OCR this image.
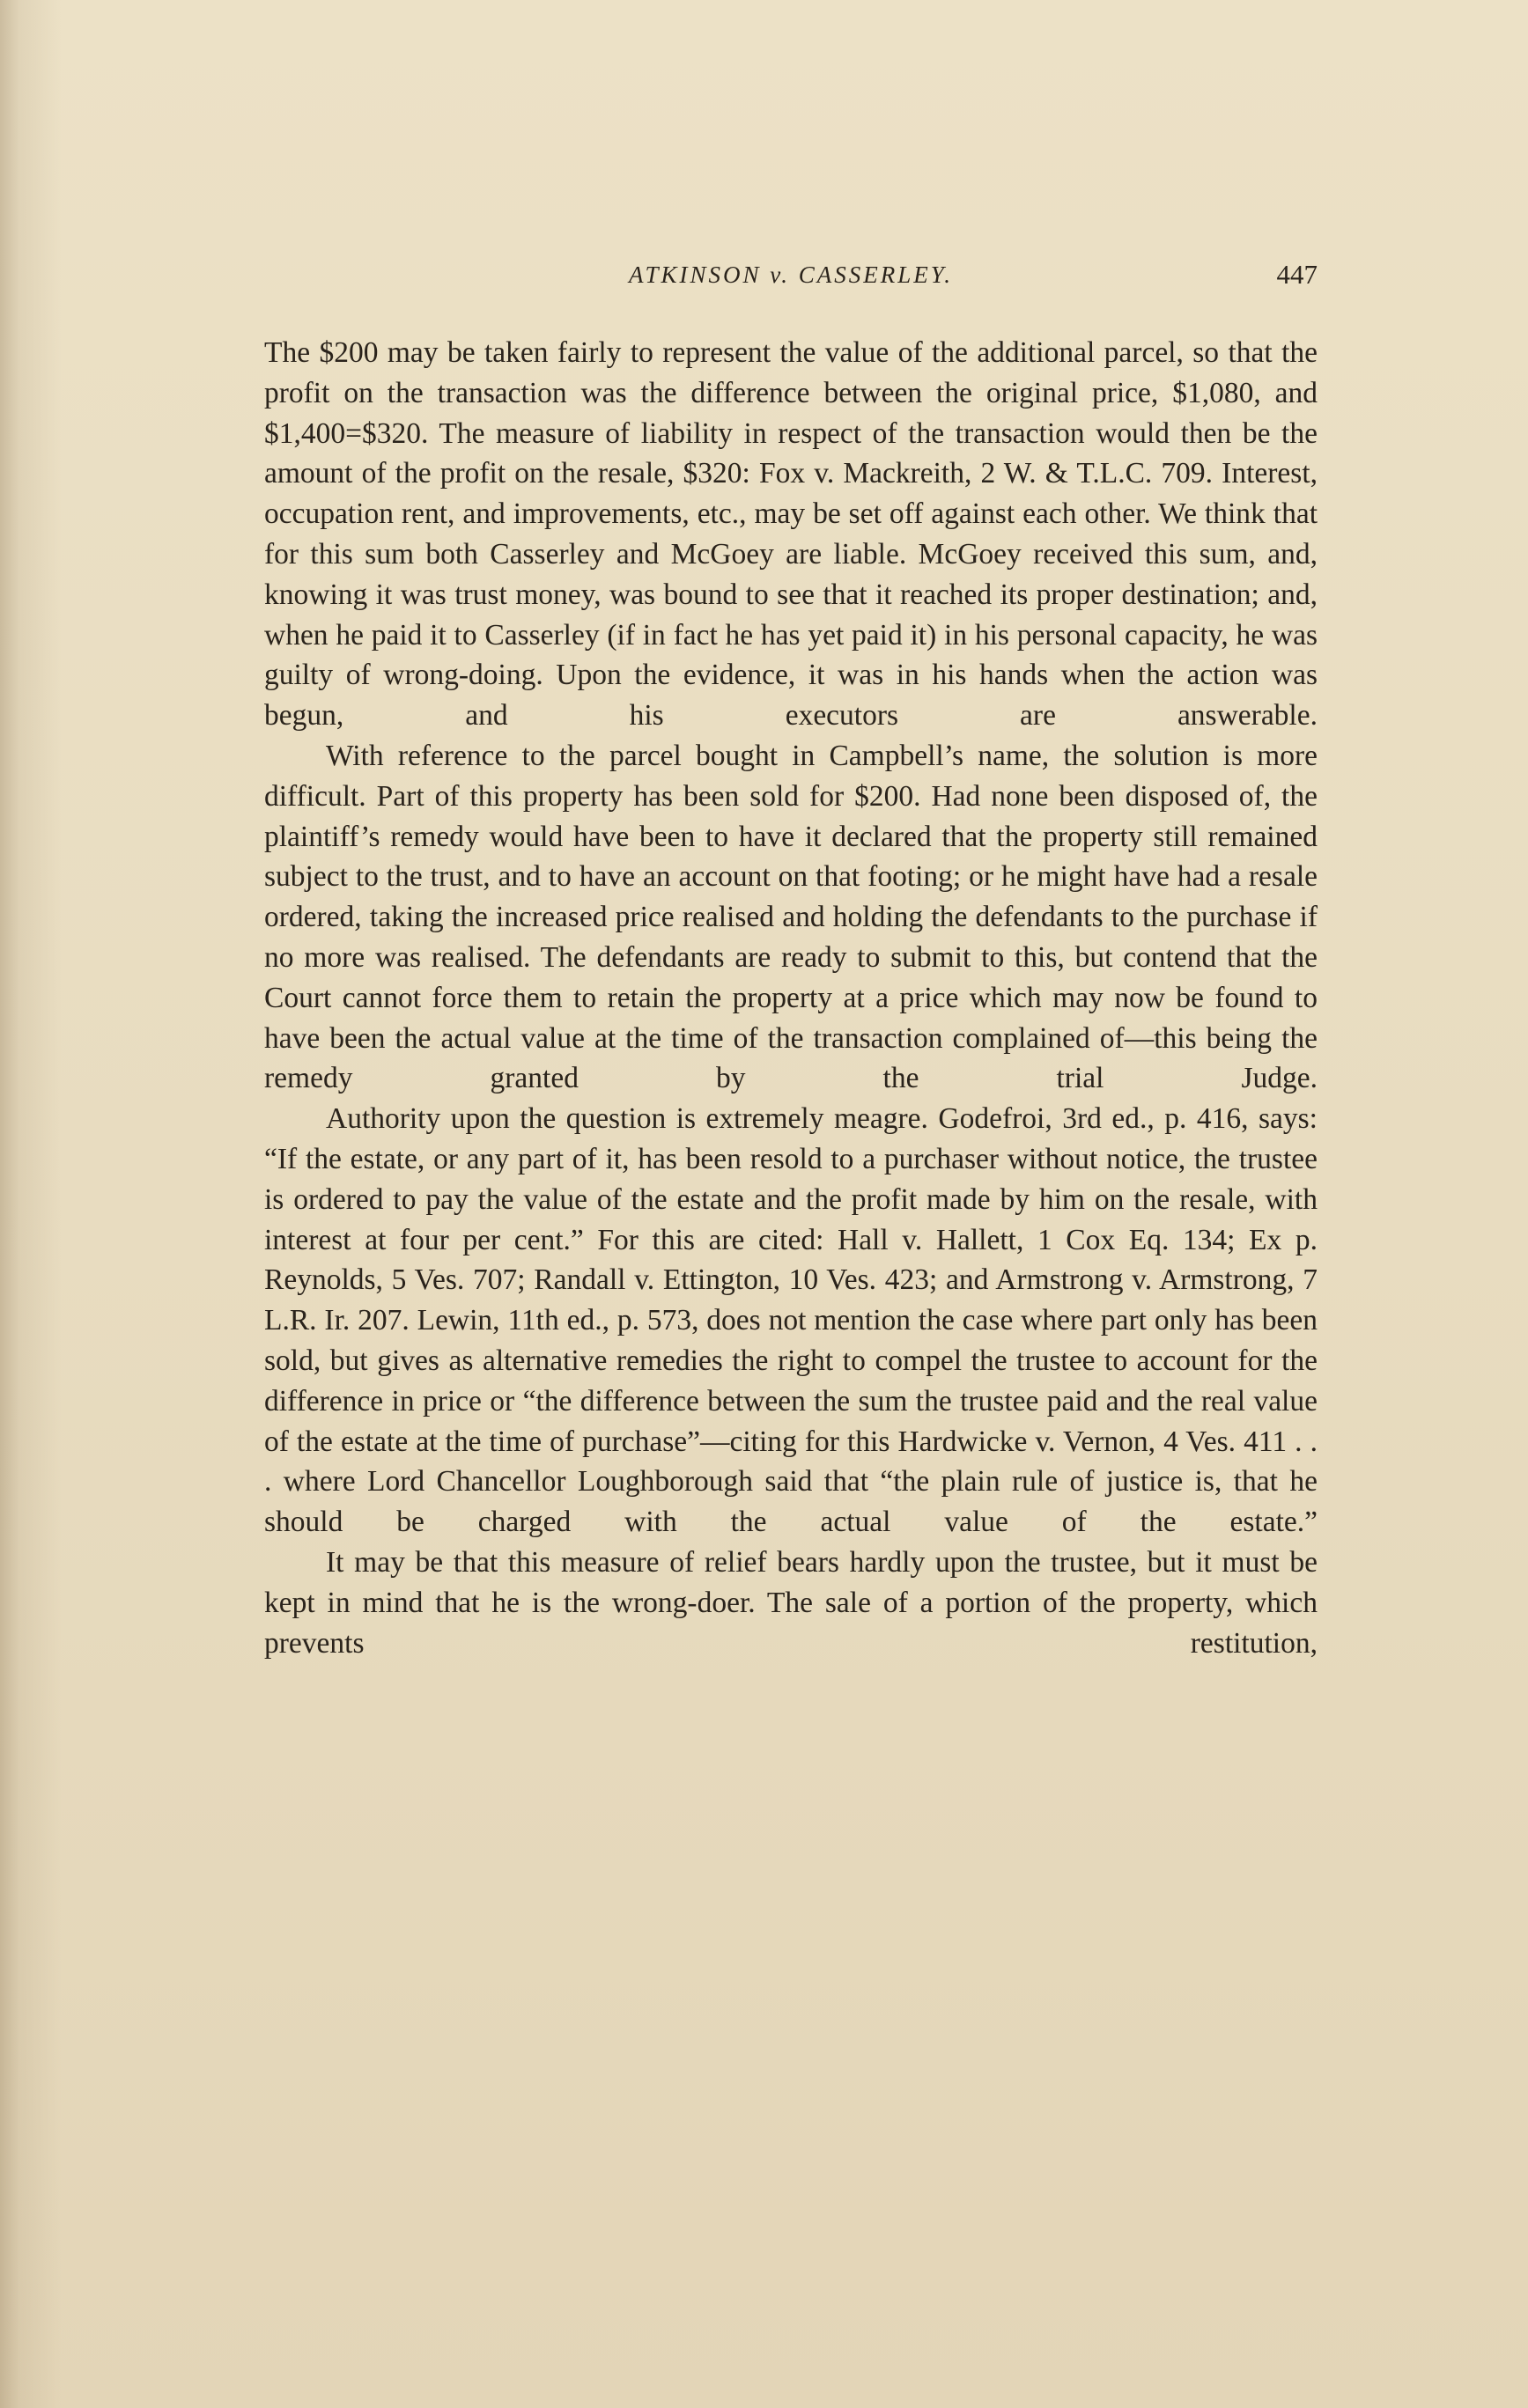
ATKINSON v. CASSERLEY.	447

The $200 may be taken fairly to represent the value of the additional parcel, so that the profit on the transaction was the difference between the original price, $1,080, and $1,400=$320. The measure of liability in respect of the transaction would then be the amount of the profit on the resale, $320: Fox v. Mackreith, 2 W. & T.L.C. 709. Interest, occupation rent, and improvements, etc., may be set off against each other. We think that for this sum both Casserley and McGoey are liable. McGoey received this sum, and, knowing it was trust money, was bound to see that it reached its proper destination; and, when he paid it to Casserley (if in fact he has yet paid it) in his personal capacity, he was guilty of wrong-doing. Upon the evidence, it was in his hands when the action was begun, and his executors are answerable.

With reference to the parcel bought in Campbell’s name, the solution is more difficult. Part of this property has been sold for $200. Had none been disposed of, the plaintiff’s remedy would have been to have it declared that the property still remained subject to the trust, and to have an account on that footing; or he might have had a resale ordered, taking the increased price realised and holding the defendants to the purchase if no more was realised. The defendants are ready to submit to this, but contend that the Court cannot force them to retain the property at a price which may now be found to have been the actual value at the time of the transaction complained of—this being the remedy granted by the trial Judge.

Authority upon the question is extremely meagre. Godefroi, 3rd ed., p. 416, says: “If the estate, or any part of it, has been resold to a purchaser without notice, the trustee is ordered to pay the value of the estate and the profit made by him on the resale, with interest at four per cent.” For this are cited: Hall v. Hallett, 1 Cox Eq. 134; Ex p. Reynolds, 5 Ves. 707; Randall v. Ettington, 10 Ves. 423; and Armstrong v. Armstrong, 7 L.R. Ir. 207. Lewin, 11th ed., p. 573, does not mention the case where part only has been sold, but gives as alternative remedies the right to compel the trustee to account for the difference in price or “the difference between the sum the trustee paid and the real value of the estate at the time of purchase”—citing for this Hardwicke v. Vernon, 4 Ves. 411 . . . where Lord Chancellor Loughborough said that “the plain rule of justice is, that he should be charged with the actual value of the estate.”

It may be that this measure of relief bears hardly upon the trustee, but it must be kept in mind that he is the wrong-doer. The sale of a portion of the property, which prevents restitution,
